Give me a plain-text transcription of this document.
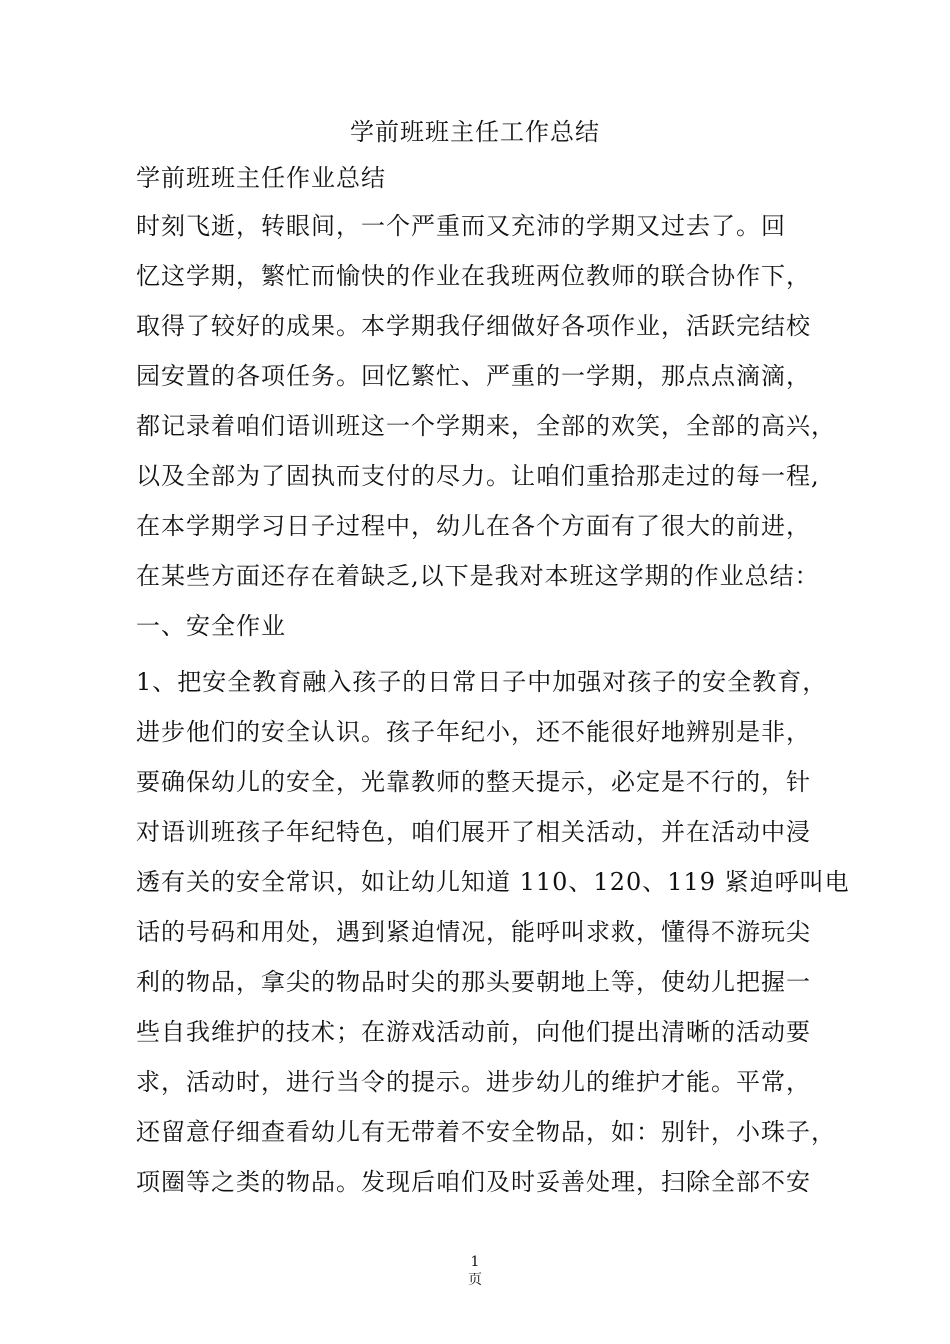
学前班班主任工作总结
学前班班主任作业总结
时刻飞逝，转眼间，一个严重而又充沛的学期又过去了。回
忆这学期，繁忙而愉快的作业在我班两位教师的联合协作下，
取得了较好的成果。本学期我仔细做好各项作业，活跃完结校
园安置的各项任务。回忆繁忙、严重的一学期，那点点滴滴，
都记录着咱们语训班这一个学期来，全部的欢笑，全部的高兴，
以及全部为了固执而支付的尽力。让咱们重拾那走过的每一程,
在本学期学习日子过程中，幼儿在各个方面有了很大的前进，
在某些方面还存在着缺乏,以下是我对本班这学期的作业总结：
一、安全作业
1、把安全教育融入孩子的日常日子中加强对孩子的安全教育，
进步他们的安全认识。孩子年纪小，还不能很好地辨别是非，
要确保幼儿的安全，光靠教师的整天提示，必定是不行的，针
对语训班孩子年纪特色，咱们展开了相关活动，并在活动中浸
透有关的安全常识，如让幼儿知道 110、120、119 紧迫呼叫电
话的号码和用处，遇到紧迫情况，能呼叫求救，懂得不游玩尖
利的物品，拿尖的物品时尖的那头要朝地上等，使幼儿把握一
些自我维护的技术；在游戏活动前，向他们提出清晰的活动要
求，活动时，进行当令的提示。进步幼儿的维护才能。平常，
还留意仔细查看幼儿有无带着不安全物品，如：别针，小珠子，
项圈等之类的物品。发现后咱们及时妥善处理，扫除全部不安
1
页
